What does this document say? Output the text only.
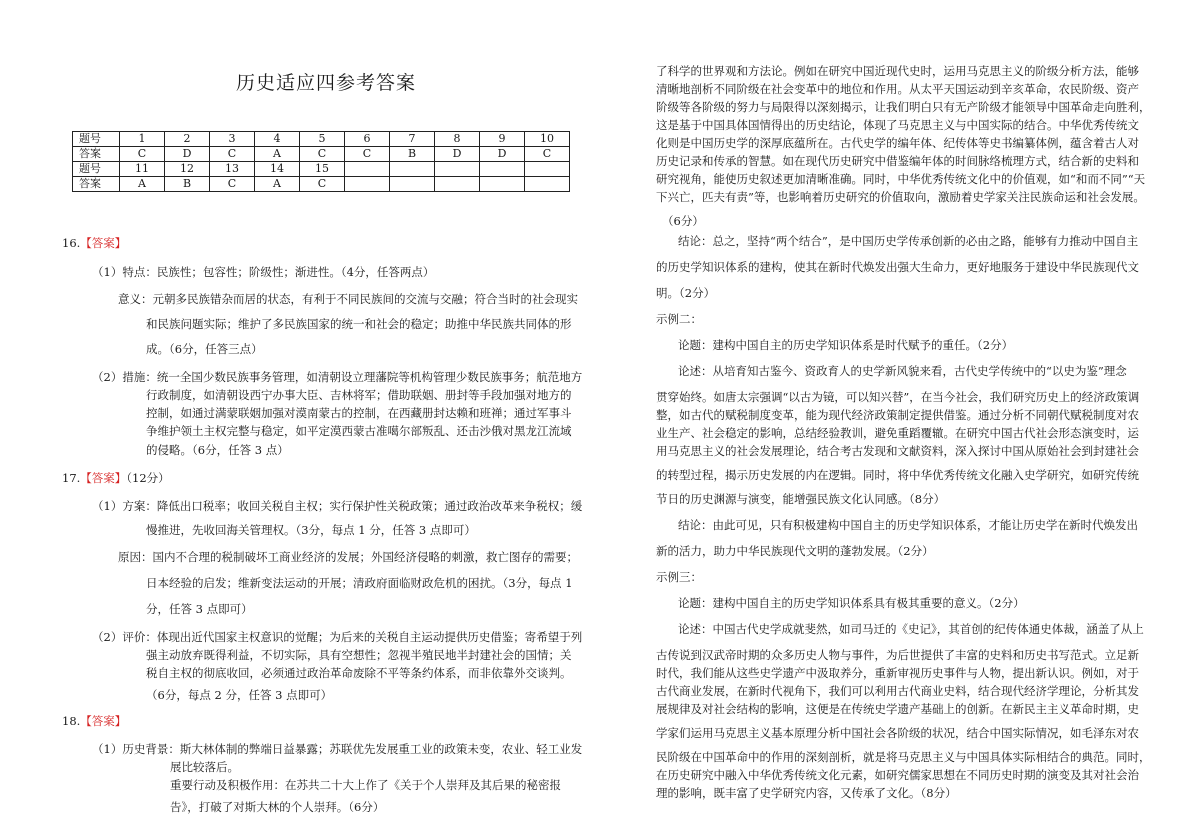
历史适应四参考答案
题号	1	2	3	4	5	6	7	8	9	10
答案	C	D	C	A	C	C	B	D	D	C
题号	11	12	13	14	15					
答案	A	B	C	A	C					
16.【答案】
（1）特点：民族性；包容性；阶级性；渐进性。（4分，任答两点）
意义：元朝多民族错杂而居的状态，有利于不同民族间的交流与交融；符合当时的社会现实
和民族问题实际；维护了多民族国家的统一和社会的稳定；助推中华民族共同体的形
成。（6分，任答三点）
（2）措施：统一全国少数民族事务管理，如清朝设立理藩院等机构管理少数民族事务；航范地方
行政制度，如清朝设西宁办事大臣、吉林将军；借助联姻、册封等手段加强对地方的
控制，如通过满蒙联姻加强对漠南蒙古的控制，在西藏册封达赖和班禅；通过军事斗
争维护领土主权完整与稳定，如平定漠西蒙古准噶尔部叛乱、还击沙俄对黑龙江流域
的侵略。（6分，任答 3 点）
17.【答案】（12分）
（1）方案：降低出口税率；收回关税自主权；实行保护性关税政策；通过政治改革来争税权；缓
慢推进，先收回海关管理权。（3分，每点 1 分，任答 3 点即可）
原因：国内不合理的税制破坏工商业经济的发展；外国经济侵略的刺激，救亡图存的需要；
日本经验的启发；维新变法运动的开展；清政府面临财政危机的困扰。（3分，每点 1
分，任答 3 点即可）
（2）评价：体现出近代国家主权意识的觉醒；为后来的关税自主运动提供历史借鉴；寄希望于列
强主动放弃既得利益，不切实际，具有空想性；忽视半殖民地半封建社会的国情；关
税自主权的彻底收回，必须通过政治革命废除不平等条约体系，而非依靠外交谈判。
（6分，每点 2 分，任答 3 点即可）
18.【答案】
（1）历史背景：斯大林体制的弊端日益暴露；苏联优先发展重工业的政策未变，农业、轻工业发
展比较落后。
重要行动及积极作用：在苏共二十大上作了《关于个人崇拜及其后果的秘密报
告》，打破了对斯大林的个人崇拜。（6分）
了科学的世界观和方法论。例如在研究中国近现代史时，运用马克思主义的阶级分析方法，能够
清晰地剖析不同阶级在社会变革中的地位和作用。从太平天国运动到辛亥革命，农民阶级、资产
阶级等各阶级的努力与局限得以深刻揭示，让我们明白只有无产阶级才能领导中国革命走向胜利，
这是基于中国具体国情得出的历史结论，体现了马克思主义与中国实际的结合。中华优秀传统文
化则是中国历史学的深厚底蕴所在。古代史学的编年体、纪传体等史书编纂体例，蕴含着古人对
历史记录和传承的智慧。如在现代历史研究中借鉴编年体的时间脉络梳理方式，结合新的史料和
研究视角，能使历史叙述更加清晰准确。同时，中华优秀传统文化中的价值观，如“和而不同”“天
下兴亡，匹夫有责”等，也影响着历史研究的价值取向，激励着史学家关注民族命运和社会发展。
（6分）
结论：总之，坚持“两个结合”，是中国历史学传承创新的必由之路，能够有力推动中国自主
的历史学知识体系的建构，使其在新时代焕发出强大生命力，更好地服务于建设中华民族现代文
明。（2分）
示例二：
论题：建构中国自主的历史学知识体系是时代赋予的重任。（2分）
论述：从培育知古鉴今、资政育人的史学新风貌来看，古代史学传统中的“以史为鉴”理念
贯穿始终。如唐太宗强调“以古为镜，可以知兴替”，在当今社会，我们研究历史上的经济政策调
整，如古代的赋税制度变革，能为现代经济政策制定提供借鉴。通过分析不同朝代赋税制度对农
业生产、社会稳定的影响，总结经验教训，避免重蹈覆辙。在研究中国古代社会形态演变时，运
用马克思主义的社会发展理论，结合考古发现和文献资料，深入探讨中国从原始社会到封建社会
的转型过程，揭示历史发展的内在逻辑。同时，将中华优秀传统文化融入史学研究，如研究传统
节日的历史渊源与演变，能增强民族文化认同感。（8分）
结论：由此可见，只有积极建构中国自主的历史学知识体系，才能让历史学在新时代焕发出
新的活力，助力中华民族现代文明的蓬勃发展。（2分）
示例三：
论题：建构中国自主的历史学知识体系具有极其重要的意义。（2分）
论述：中国古代史学成就斐然，如司马迁的《史记》，其首创的纪传体通史体裁，涵盖了从上
古传说到汉武帝时期的众多历史人物与事件，为后世提供了丰富的史料和历史书写范式。立足新
时代，我们能从这些史学遗产中汲取养分，重新审视历史事件与人物，提出新认识。例如，对于
古代商业发展，在新时代视角下，我们可以利用古代商业史料，结合现代经济学理论，分析其发
展规律及对社会结构的影响，这便是在传统史学遗产基础上的创新。在新民主主义革命时期，史
学家们运用马克思主义基本原理分析中国社会各阶级的状况，结合中国实际情况，如毛泽东对农
民阶级在中国革命中的作用的深刻剖析，就是将马克思主义与中国具体实际相结合的典范。同时，
在历史研究中融入中华优秀传统文化元素，如研究儒家思想在不同历史时期的演变及其对社会治
理的影响，既丰富了史学研究内容，又传承了文化。（8分）
